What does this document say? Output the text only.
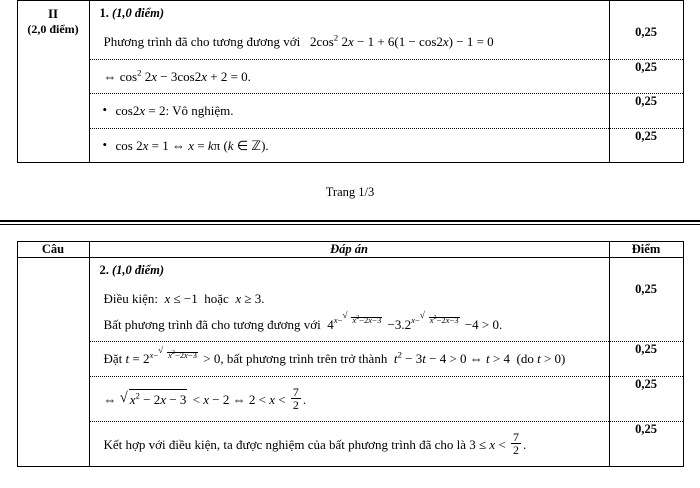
II
(2,0 điểm)	1. (1,0 điểm)	

	Phương trình đã cho tương đương với $2\cos^2$ 2x − 1 + 6(1 − cos2x) − 1 = 0	0,25

	⇔ $\cos^2 2x - 3\cos 2x + 2 = 0$.	0,25

	• cos2x = 2: Vô nghiệm.	0,25

	• cos 2x = 1 ⇔ x = kπ (k ∈ ℤ).	0,25
Trang 1/3
Câu	Đáp án	Điểm

	2. (1,0 điểm)	

	Điều kiện: x ≤ −1  hoặc  x ≥ 3.
Bất phương trình đã cho tương đương với  $4^{x- √ x^2-2x-3} -3.2^{x- √ x^2-2x-3} -4 > 0$.	0,25

	Đặt $t = 2^{x- √ x^2-2x-3} > 0$, bất phương trình trên trở thành  $t^2 - 3t - 4 > 0$ ⇔ t > 4  (do t > 0)	0,25

	⇔ √ $x^2 - 2x - 3 < x - 2$ ⇔ $2 < x < \frac{7}{2}$ .	0,25

	Kết hợp với điều kiện, ta được nghiệm của bất phương trình đã cho là $3 \le x < \frac{7}{2}$ .	0,25
